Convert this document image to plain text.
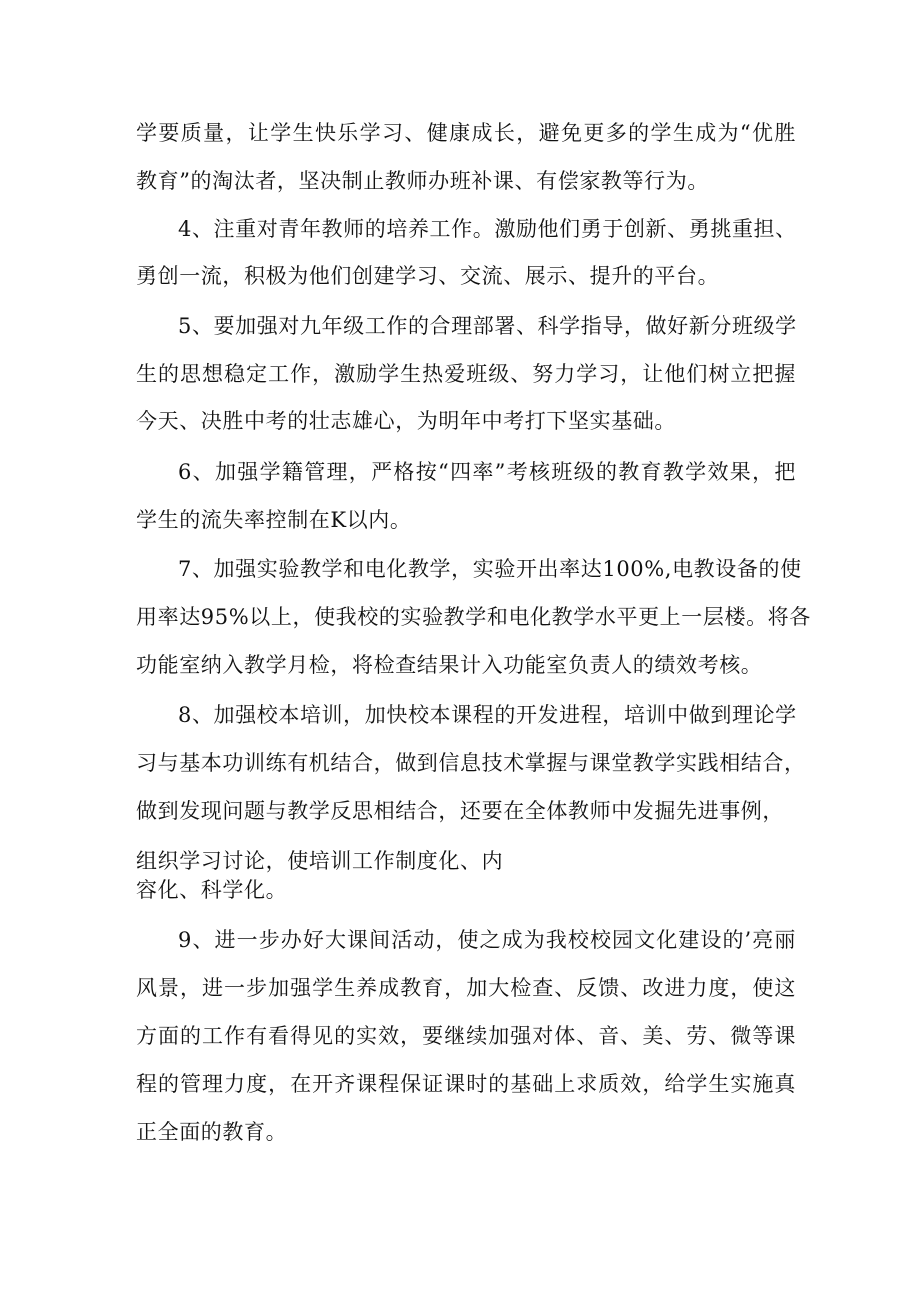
学要质量，让学生快乐学习、健康成长，避免更多的学生成为“优胜
教育”的淘汰者，坚决制止教师办班补课、有偿家教等行为。
4、注重对青年教师的培养工作。激励他们勇于创新、勇挑重担、
勇创一流，积极为他们创建学习、交流、展示、提升的平台。
5、要加强对九年级工作的合理部署、科学指导，做好新分班级学
生的思想稳定工作，激励学生热爱班级、努力学习，让他们树立把握
今天、决胜中考的壮志雄心，为明年中考打下坚实基础。
6、加强学籍管理，严格按“四率”考核班级的教育教学效果，把
学生的流失率控制在K以内。
7、加强实验教学和电化教学，实验开出率达100%,电教设备的使
用率达95%以上，使我校的实验教学和电化教学水平更上一层楼。将各
功能室纳入教学月检，将检查结果计入功能室负责人的绩效考核。
8、加强校本培训，加快校本课程的开发进程，培训中做到理论学
习与基本功训练有机结合，做到信息技术掌握与课堂教学实践相结合，
做到发现问题与教学反思相结合，还要在全体教师中发掘先进事例，
组织学习讨论，使培训工作制度化、内
容化、科学化。
9、进一步办好大课间活动，使之成为我校校园文化建设的’亮丽
风景，进一步加强学生养成教育，加大检查、反馈、改进力度，使这
方面的工作有看得见的实效，要继续加强对体、音、美、劳、微等课
程的管理力度，在开齐课程保证课时的基础上求质效，给学生实施真
正全面的教育。
